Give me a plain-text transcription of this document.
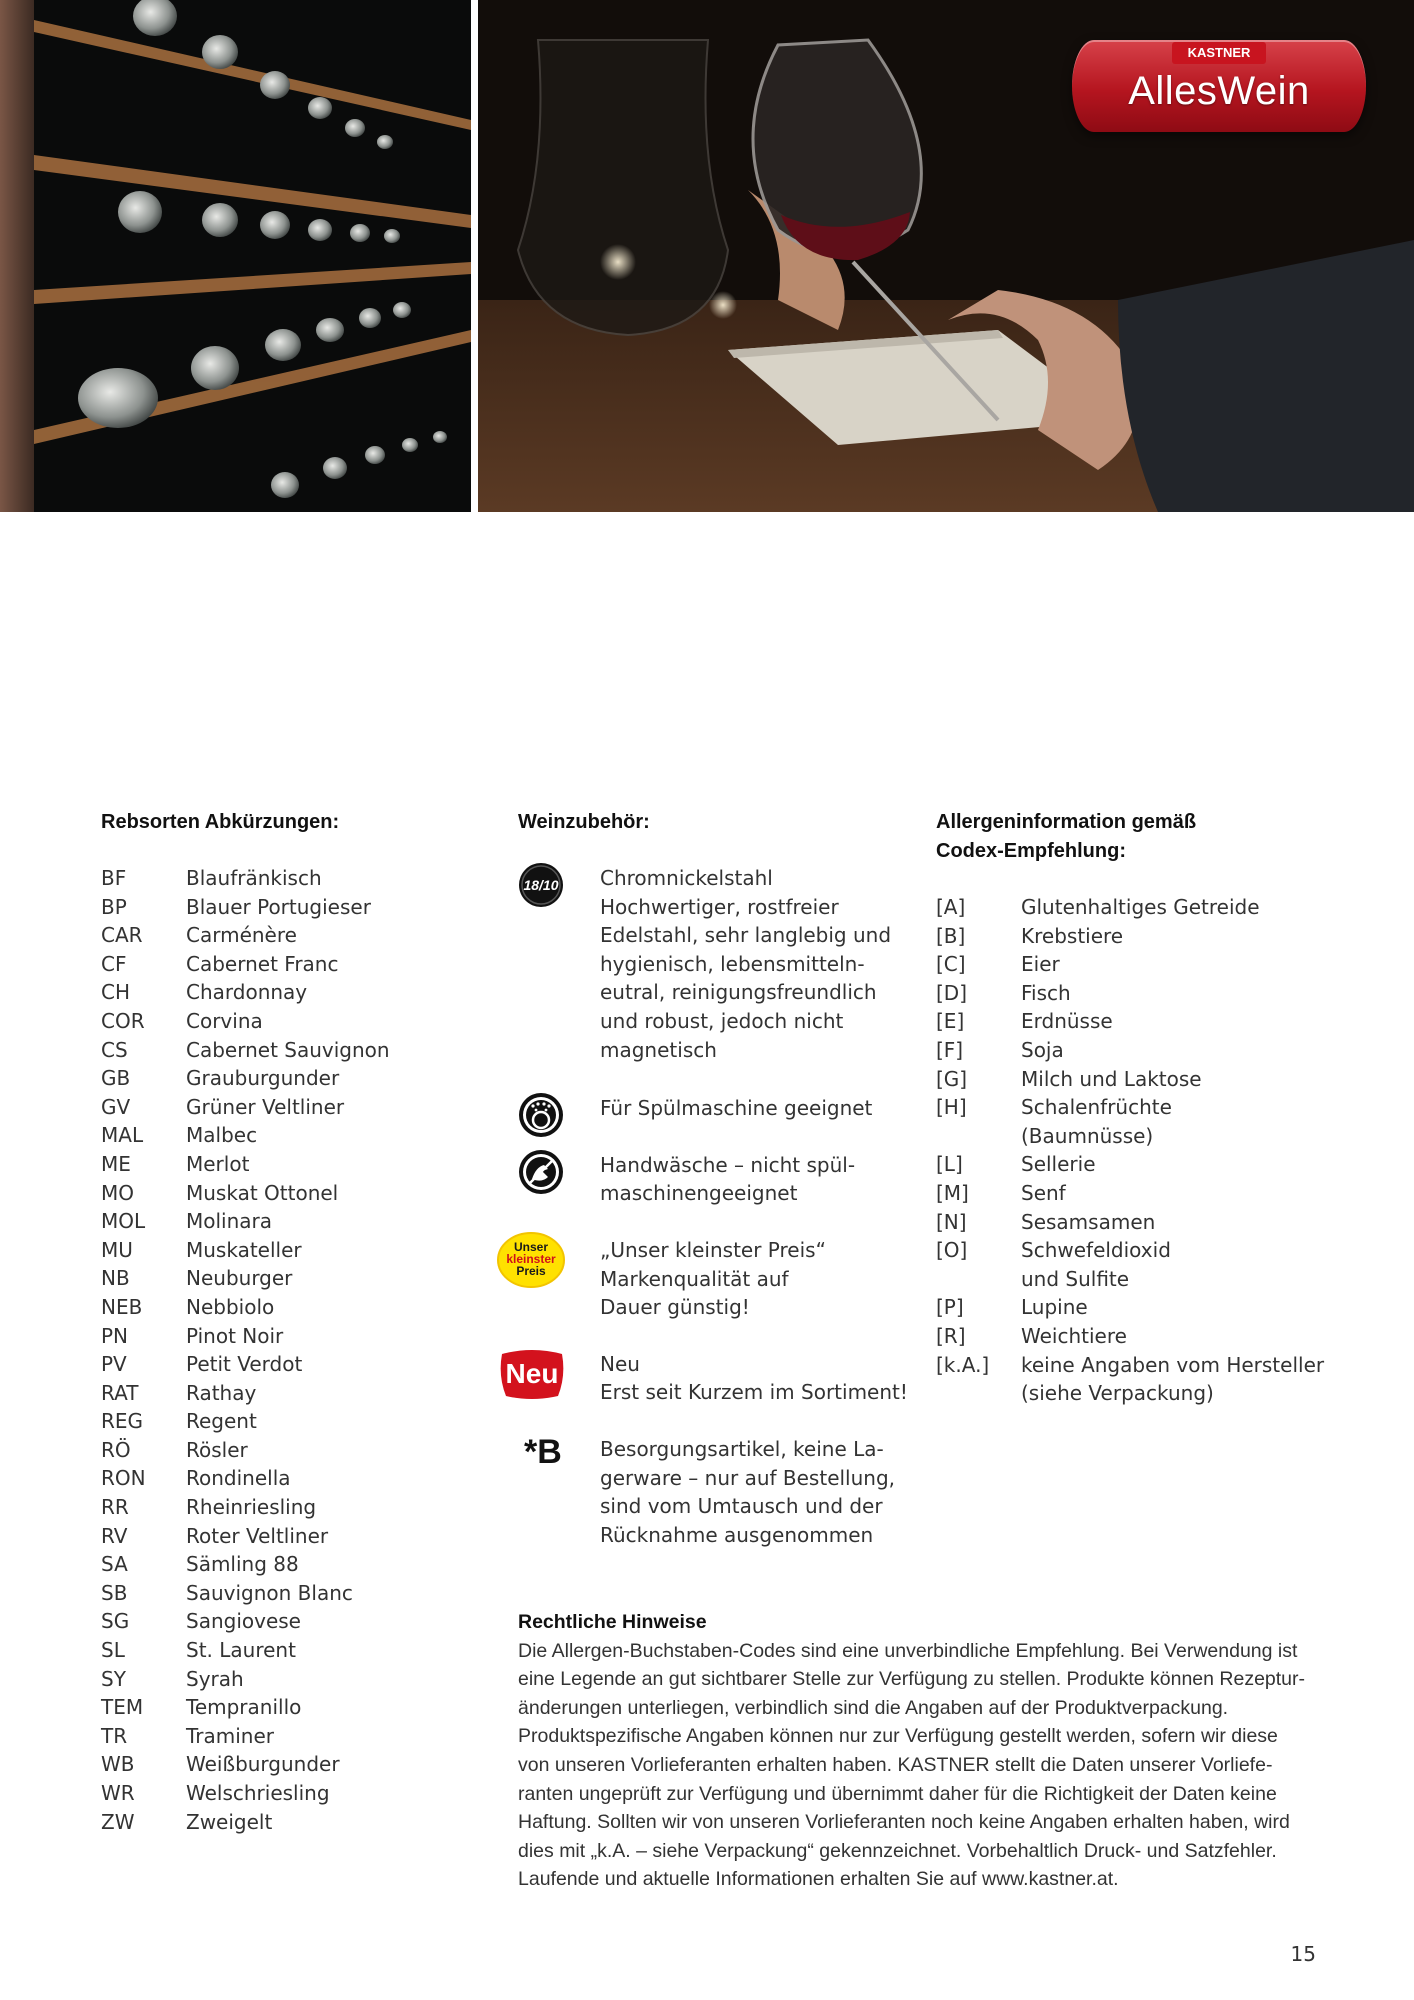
KASTNER
AllesWein
Rebsorten Abkürzungen:
BF	Blaufränkisch
BP	Blauer Portugieser
CAR	Carménère
CF	Cabernet Franc
CH	Chardonnay
COR	Corvina
CS	Cabernet Sauvignon
GB	Grauburgunder
GV	Grüner Veltliner
MAL	Malbec
ME	Merlot
MO	Muskat Ottonel
MOL	Molinara
MU	Muskateller
NB	Neuburger
NEB	Nebbiolo
PN	Pinot Noir
PV	Petit Verdot
RAT	Rathay
REG	Regent
RÖ	Rösler
RON	Rondinella
RR	Rheinriesling
RV	Roter Veltliner
SA	Sämling 88
SB	Sauvignon Blanc
SG	Sangiovese
SL	St. Laurent
SY	Syrah
TEM	Tempranillo
TR	Traminer
WB	Weißburgunder
WR	Welschriesling
ZW	Zweigelt
Weinzubehör:
18/10 Chromnickelstahl
Hochwertiger, rostfreier
Edelstahl, sehr langlebig und
hygienisch, lebensmitteln-
eutral, reinigungsfreundlich
und robust, jedoch nicht
magnetisch
Für Spülmaschine geeignet
Handwäsche – nicht spül-
maschinengeeignet
Unser
kleinster
Preis
„Unser kleinster Preis“
Markenqualität auf
Dauer günstig!
Neu Neu
Erst seit Kurzem im Sortiment!
*B Besorgungsartikel, keine La-
gerware – nur auf Bestellung,
sind vom Umtausch und der
Rücknahme ausgenommen
Allergeninformation gemäß
Codex-Empfehlung:
[A]	Glutenhaltiges Getreide
[B]	Krebstiere
[C]	Eier
[D]	Fisch
[E]	Erdnüsse
[F]	Soja
[G]	Milch und Laktose
[H]	Schalenfrüchte
(Baumnüsse)
[L]	Sellerie
[M]	Senf
[N]	Sesamsamen
[O]	Schwefeldioxid
und Sulfite
[P]	Lupine
[R]	Weichtiere
[k.A.]	keine Angaben vom Hersteller
(siehe Verpackung)
Rechtliche Hinweise
Die Allergen-Buchstaben-Codes sind eine unverbindliche Empfehlung. Bei Verwendung ist
eine Legende an gut sichtbarer Stelle zur Verfügung zu stellen. Produkte können Rezeptur-
änderungen unterliegen, verbindlich sind die Angaben auf der Produktverpackung.
Produktspezifische Angaben können nur zur Verfügung gestellt werden, sofern wir diese
von unseren Vorlieferanten erhalten haben. KASTNER stellt die Daten unserer Vorliefe-
ranten ungeprüft zur Verfügung und übernimmt daher für die Richtigkeit der Daten keine
Haftung. Sollten wir von unseren Vorlieferanten noch keine Angaben erhalten haben, wird
dies mit „k.A. – siehe Verpackung“ gekennzeichnet. Vorbehaltlich Druck- und Satzfehler.
Laufende und aktuelle Informationen erhalten Sie auf www.kastner.at.
15
